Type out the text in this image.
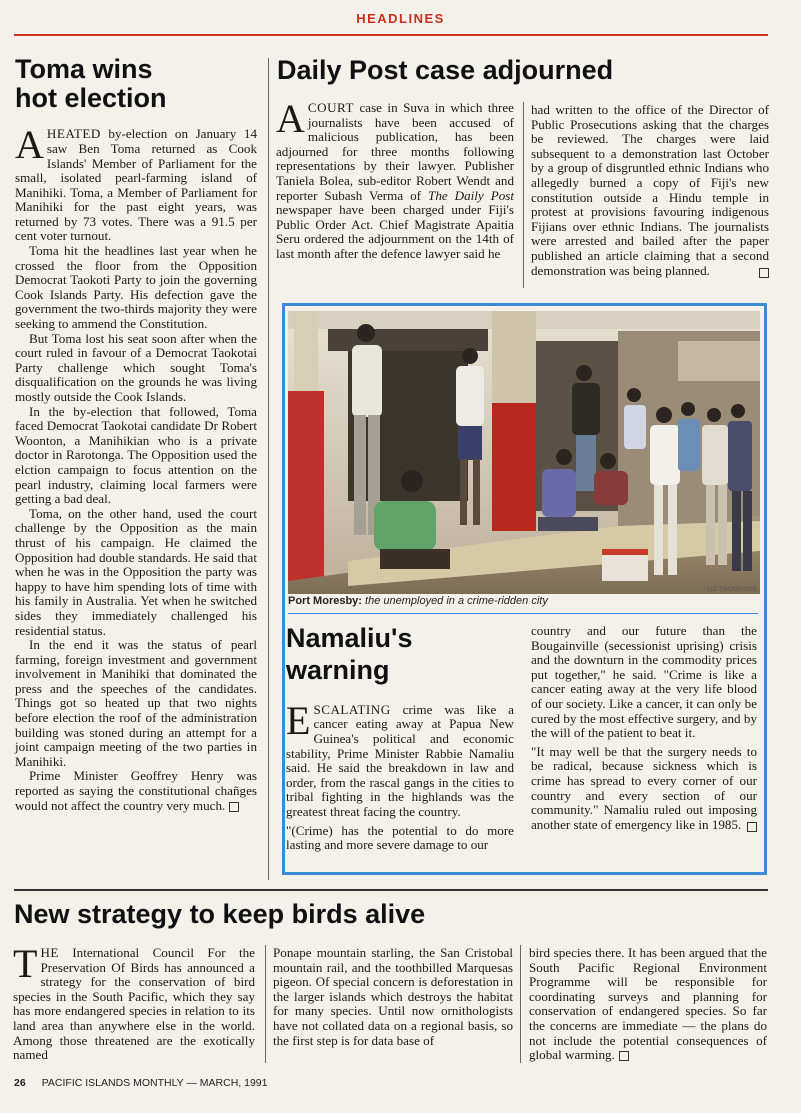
HEADLINES
Toma wins
hot election

AHEATED by-election on January 14 saw Ben Toma returned as Cook Islands' Member of Parliament for the small, isolated pearl-farming island of Manihiki. Toma, a Member of Parliament for Manihiki for the past eight years, was returned by 73 votes. There was a 91.5 per cent voter turnout.

Toma hit the headlines last year when he crossed the floor from the Opposition Democrat Taokoti Party to join the governing Cook Islands Party. His defection gave the government the two-thirds majority they were seeking to ammend the Constitution.

But Toma lost his seat soon after when the court ruled in favour of a Democrat Taokotai Party challenge which sought Toma's disqualification on the grounds he was living mostly outside the Cook Islands.

In the by-election that followed, Toma faced Democrat Taokotai candidate Dr Robert Woonton, a Manihikian who is a private doctor in Rarotonga. The Opposition used the elction campaign to focus attention on the pearl industry, claiming local farmers were getting a bad deal.

Toma, on the other hand, used the court challenge by the Opposition as the main thrust of his campaign. He claimed the Opposition had double standards. He said that when he was in the Opposition the party was happy to have him spending lots of time with his family in Australia. Yet when he switched sides they immediately challenged his residential status.

In the end it was the status of pearl farming, foreign investment and government involvement in Manihiki that dominated the press and the speeches of the candidates. Things got so heated up that two nights before election the roof of the administration building was stoned during an attempt for a joint campaign meeting of the two parties in Manihiki.

Prime Minister Geoffrey Henry was reported as saying the constitutional chañges would not affect the country very much.

Daily Post case adjourned

ACOURT case in Suva in which three journalists have been accused of malicious publication, has been adjourned for three months following representations by their lawyer. Publisher Taniela Bolea, sub-editor Robert Wendt and reporter Subash Verma of The Daily Post newspaper have been charged under Fiji's Public Order Act. Chief Magistrate Apaitia Seru ordered the adjournment on the 14th of last month after the defence lawyer said he

had written to the office of the Director of Public Prosecutions asking that the charges be reviewed. The charges were laid subsequent to a demonstration last October by a group of disgruntled ethnic Indians who allegedly burned a copy of Fiji's new constitution outside a Hindu temple in protest at provisions favouring indigenous Fijians over ethnic Indians. The journalists were arrested and bailed after the paper published an article claiming that a second demonstration was being planned.

LIZ THOMPSON
Port Moresby: the unemployed in a crime-ridden city
Namaliu's
warning

ESCALATING crime was like a cancer eating away at Papua New Guinea's political and economic stability, Prime Minister Rabbie Namaliu said. He said the breakdown in law and order, from the rascal gangs in the cities to tribal fighting in the highlands was the greatest threat facing the country.

"(Crime) has the potential to do more lasting and more severe damage to our

country and our future than the Bougainville (secessionist uprising) crisis and the downturn in the commodity prices put together," he said. "Crime is like a cancer eating away at the very life blood of our society. Like a cancer, it can only be cured by the most effective surgery, and by the will of the patient to beat it.

"It may well be that the surgery needs to be radical, because sickness which is crime has spread to every corner of our country and every section of our community." Namaliu ruled out imposing another state of emergency like in 1985.

New strategy to keep birds alive

THE International Council For the Preservation Of Birds has announced a strategy for the conservation of bird species in the South Pacific, which they say has more endangered species in relation to its land area than anywhere else in the world. Among those threatened are the exotically named

Ponape mountain starling, the San Cristobal mountain rail, and the toothbilled Marquesas pigeon. Of special concern is deforestation in the larger islands which destroys the habitat for many species. Until now ornithologists have not collated data on a regional basis, so the first step is for data base of

bird species there. It has been argued that the South Pacific Regional Environment Programme will be responsible for coordinating surveys and planning for conservation of endangered species. So far the concerns are immediate — the plans do not include the potential consequences of global warming.

26 PACIFIC ISLANDS MONTHLY — MARCH, 1991
